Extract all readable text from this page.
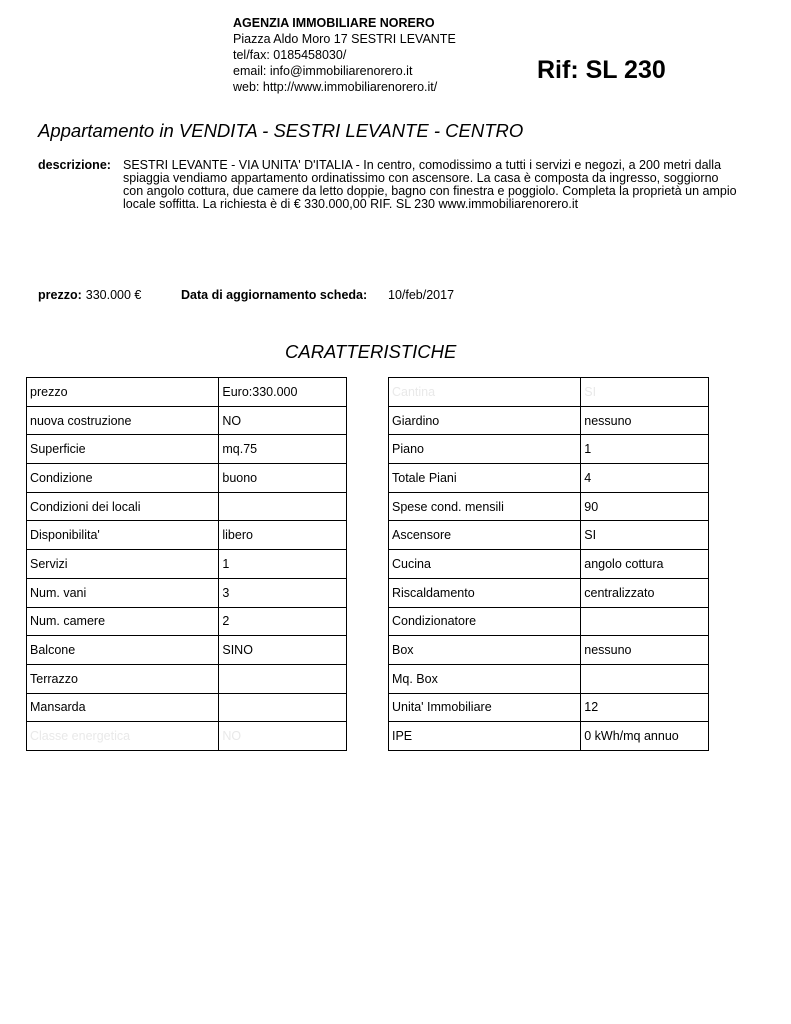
AGENZIA IMMOBILIARE NORERO
Piazza Aldo Moro 17 SESTRI LEVANTE
tel/fax: 0185458030/
email: info@immobiliarenorero.it
web: http://www.immobiliarenorero.it/
Rif: SL 230
Appartamento in VENDITA - SESTRI LEVANTE - CENTRO
descrizione: SESTRI LEVANTE - VIA UNITA' D'ITALIA - In centro, comodissimo a tutti i servizi e negozi, a 200 metri dalla
spiaggia vendiamo appartamento ordinatissimo con ascensore. La casa è composta da ingresso, soggiorno
con angolo cottura, due camere da letto doppie, bagno con finestra e poggiolo. Completa la proprietà un ampio
locale soffitta. La richiesta è di € 330.000,00 RIF. SL 230 www.immobiliarenorero.it
prezzo: 330.000 €	Data di aggiornamento scheda: 10/feb/2017
CARATTERISTICHE
prezzo	Euro:330.000
nuova costruzione	NO
Superficie	mq.75
Condizione	buono
Condizioni dei locali	
Disponibilita'	libero
Servizi	1
Num. vani	3
Num. camere	2
Balcone	SINO
Terrazzo	
Mansarda	
Classe energetica	NO
Cantina	SI
Giardino	nessuno
Piano	1
Totale Piani	4
Spese cond. mensili	90
Ascensore	SI
Cucina	angolo cottura
Riscaldamento	centralizzato
Condizionatore	
Box	nessuno
Mq. Box	
Unita' Immobiliare	12
IPE	0 kWh/mq annuo
